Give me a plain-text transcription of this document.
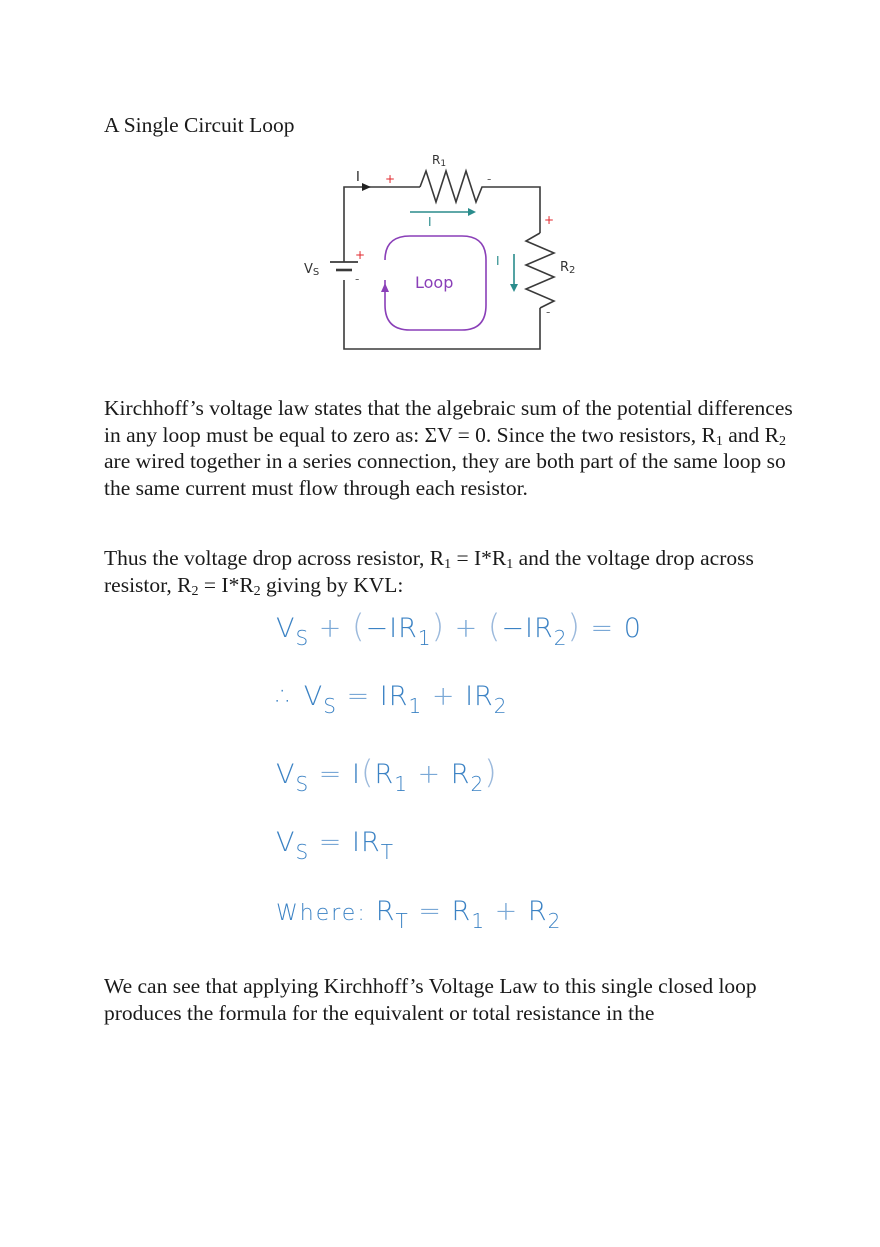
A Single Circuit Loop
R1
R2
VS
I
I
I
Loop
+	-
+
-
+
-

Kirchhoff’s voltage law states that the algebraic sum of the potential differences in any loop must be equal to zero as: ΣV = 0. Since the two resistors, $R_1$ and $R_2$ are wired together in a series connection, they are both part of the same loop so the same current must flow through each resistor.

Thus the voltage drop across resistor, $R_1 = I*R_1$ and the voltage drop across resistor, $R_2 = I*R_2$ giving by KVL:

$V_S + (-IR_1) + (-IR_2) = 0$
∴ $V_S = IR_1 + IR_2$
$V_S = I(R_1 + R_2)$
$V_S = IR_T$
Where: $R_T = R_1 + R_2$

We can see that applying Kirchhoff’s Voltage Law to this single closed loop produces the formula for the equivalent or total resistance in the
